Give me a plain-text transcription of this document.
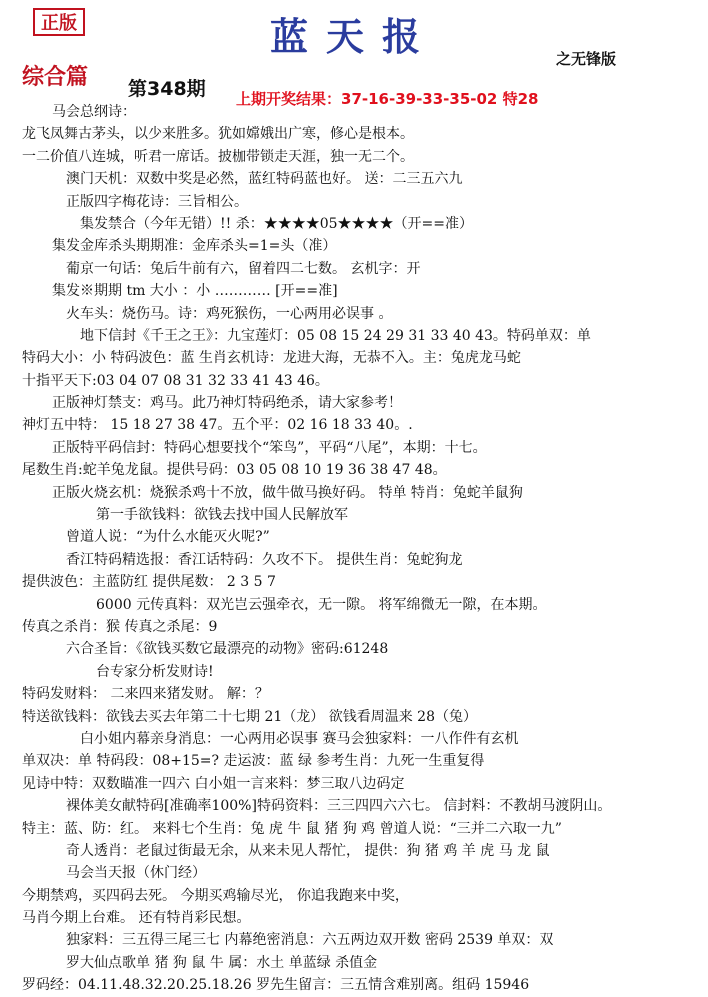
正版	蓝天报	之无锋版
综合篇 第348期 上期开奖结果：37-16-39-33-35-02 特28
马会总纲诗：
龙飞凤舞古茅头，以少来胜多。犹如嫦娥出广寒，修心是根本。
一二价值八连城，听君一席话。披枷带锁走天涯，独一无二个。
澳门天机：双数中奖是必然，蓝红特码蓝也好。 送：二三五六九
正版四字梅花诗：三旨相公。
集发禁合（今年无错）!! 杀：★★★★05★★★★（开==准）
集发金库杀头期期准：金库杀头=1=头（准）
葡京一句话：兔后牛前有六，留着四二七数。 玄机字：开
集发※期期 tm 大小 ：小 ………… [开==准]
火车头：烧伤马。诗：鸡死猴伤，一心两用必误事 。
地下信封《千王之王》：九宝莲灯：05 08 15 24 29 31 33 40 43。特码单双：单
特码大小：小 特码波色：蓝 生肖玄机诗：龙进大海，无恭不入。主：兔虎龙马蛇
十指平天下:03 04 07 08 31 32 33 41 43 46。
正版神灯禁支：鸡马。此乃神灯特码绝杀，请大家参考！
神灯五中特： 15 18 27 38 47。五个平：02 16 18 33 40。.
正版特平码信封：特码心想要找个“笨鸟”，平码“八尾”，本期：十七。
尾数生肖:蛇羊兔龙鼠。提供号码：03 05 08 10 19 36 38 47 48。
正版火烧玄机：烧猴杀鸡十不放，做牛做马换好码。 特单 特肖：兔蛇羊鼠狗
第一手欲钱料：欲钱去找中国人民解放军
曾道人说：“为什么水能灭火呢?”
香江特码精选报：香江话特码：久攻不下。 提供生肖：兔蛇狗龙
提供波色：主蓝防红 提供尾数： 2 3 5 7
6000 元传真料：双光岂云强牵衣，无一隙。 将军绵微无一隙，在本期。
传真之杀肖：猴 传真之杀尾：9
六合圣旨：《欲钱买数它最漂亮的动物》密码:61248
台专家分析发财诗!
特码发财料： 二来四来猪发财。 解：？
特送欲钱料：欲钱去买去年第二十七期 21（龙） 欲钱看周温来 28（兔）
白小姐内幕亲身消息：一心两用必误事 赛马会独家料：一八作件有玄机
单双决：单 特码段：08+15=? 走运波：蓝 绿 参考生肖：九死一生重复得
见诗中特：双数瞄准一四六 白小姐一言来料：梦三取八边码定
裸体美女献特码[准确率100%]特码资料：三三四四六六七。 信封料：不教胡马渡阴山。
特主：蓝、防：红。 来料七个生肖：兔 虎 牛 鼠 猪 狗 鸡 曾道人说：“三并二六取一九”
奇人透肖：老鼠过街最无余，从来未见人帮忙， 提供：狗 猪 鸡 羊 虎 马 龙 鼠
马会当天报（休门经）
今期禁鸡，买四码去死。 今期买鸡输尽光， 你追我跑来中奖，
马肖今期上台难。 还有特肖彩民想。
独家料：三五得三尾三七 内幕绝密消息：六五两边双开数 密码 2539 单双：双
罗大仙点歌单 猪 狗 鼠 牛 属：水土 单蓝绿 杀值金
罗码经：04.11.48.32.20.25.18.26 罗先生留言：三五情含难别离。组码 15946
